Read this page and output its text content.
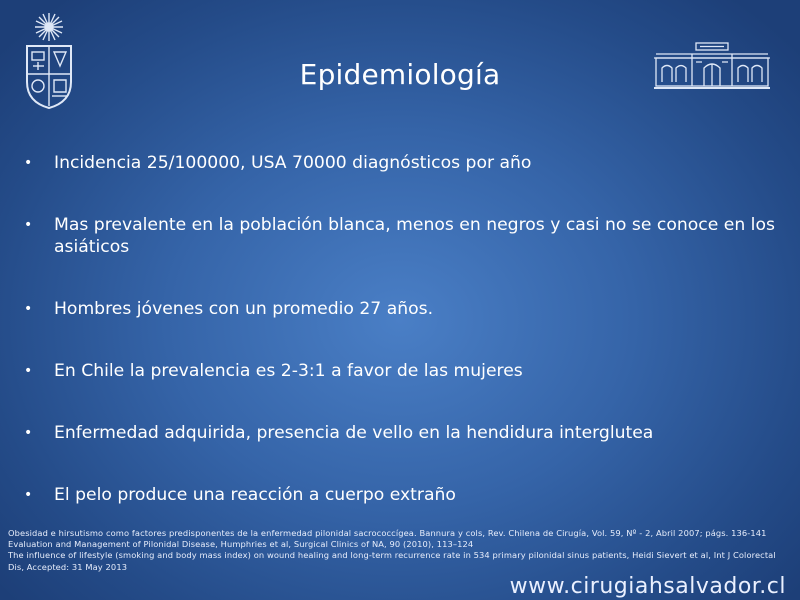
Epidemiología
• Incidencia 25/100000, USA 70000 diagnósticos por año
• Mas prevalente en la población blanca, menos en negros y casi no se conoce en los asiáticos
• Hombres jóvenes con un promedio 27 años.
• En Chile la prevalencia es 2-3:1 a favor de las mujeres
• Enfermedad adquirida, presencia de vello en la hendidura interglutea
• El pelo produce una reacción a cuerpo extraño
Obesidad e hirsutismo como factores predisponentes de la enfermedad pilonidal sacrococcígea. Bannura y cols, Rev. Chilena de Cirugía, Vol. 59, Nº - 2, Abril 2007; págs. 136-141
Evaluation and Management of Pilonidal Disease, Humphries et al, Surgical Clinics of NA, 90 (2010), 113–124
The influence of lifestyle (smoking and body mass index) on wound healing and long-term recurrence rate in 534 primary pilonidal sinus patients, Heidi Sievert et al, Int J Colorectal Dis, Accepted: 31 May 2013
www.cirugiahsalvador.cl
